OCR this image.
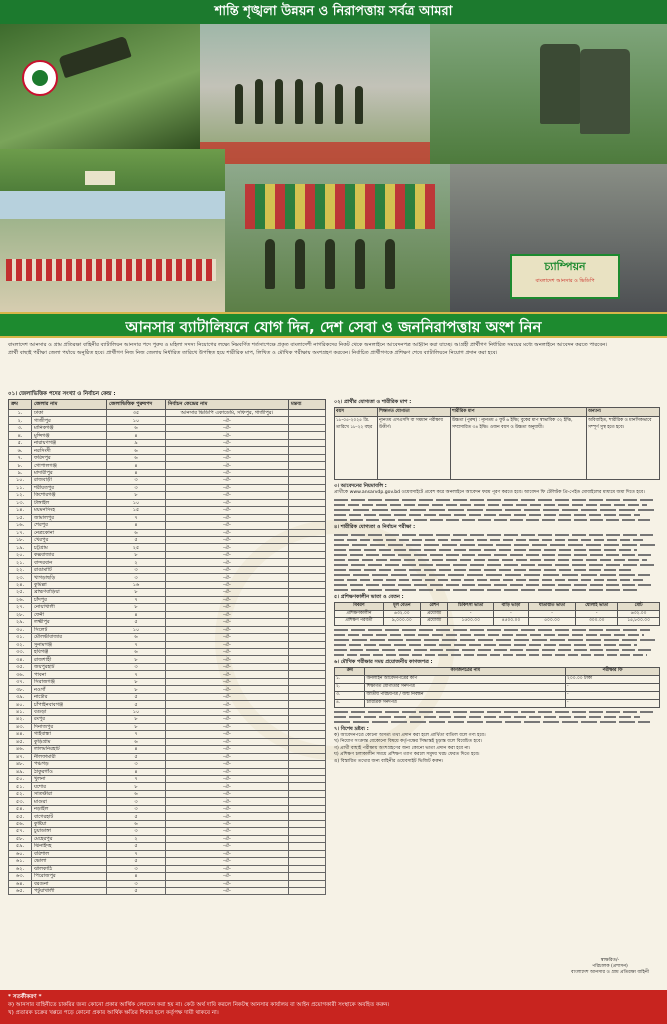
শান্তি শৃঙ্খলা উন্নয়ন ও নিরাপত্তায় সর্বত্র আমরা
চ্যাম্পিয়ন
বাংলাদেশ আনসার ও ভিডিপি
আনসার ব্যাটালিয়নে যোগ দিন, দেশ সেবা ও জননিরাপত্তায় অংশ নিন

বাংলাদেশ আনসার ও গ্রাম প্রতিরক্ষা বাহিনীর ব্যাটালিয়ন আনসার পদে পুরুষ ও মহিলা সদস্য নিয়োগের লক্ষ্যে নিম্নবর্ণিত শর্তসাপেক্ষে প্রকৃত বাংলাদেশী নাগরিকদের নিকট থেকে অনলাইনে আবেদনপত্র আহ্বান করা যাচ্ছে। আগ্রহী প্রার্থীগণ নির্ধারিত সময়ের মধ্যে অনলাইনে আবেদন করতে পারবেন।

প্রার্থী বাছাই পরীক্ষা জেলা পর্যায়ে অনুষ্ঠিত হবে। প্রার্থীগণ নিজ নিজ জেলায় নির্ধারিত তারিখে উপস্থিত হয়ে শারীরিক মাপ, লিখিত ও মৌখিক পরীক্ষায় অংশগ্রহণ করবেন। নির্বাচিত প্রার্থীগণকে প্রশিক্ষণ শেষে ব্যাটালিয়নে নিয়োগ প্রদান করা হবে।

০১। জেলাভিত্তিক পদের সংখ্যা ও নির্বাচন কেন্দ্র :
ক্রম	জেলার নাম	জেলাভিত্তিক পুরুষপদ	নির্বাচন কেন্দ্রের নাম	মন্তব্য
১.	ঢাকা	৩৫	আনসার ভিডিপি একাডেমি, সফিপুর, গাজীপুর।	
২.	গাজীপুর	১০	-ঐ-	
৩.	মানিকগঞ্জ	৬	-ঐ-	
৪.	মুন্সিগঞ্জ	৪	-ঐ-	
৫.	নারায়ণগঞ্জ	৯	-ঐ-	
৬.	নরসিংদী	৬	-ঐ-	
৭.	ফরিদপুর	৬	-ঐ-	
৮.	গোপালগঞ্জ	৪	-ঐ-	
৯.	মাদারীপুর	৪	-ঐ-	
১০.	রাজবাড়ী	৩	-ঐ-	
১১.	শরীয়তপুর	৩	-ঐ-	
১২.	কিশোরগঞ্জ	৮	-ঐ-	
১৩.	টাঙ্গাইল	১০	-ঐ-	
১৪.	ময়মনসিংহ	১৫	-ঐ-	
১৫.	জামালপুর	৭	-ঐ-	
১৬.	শেরপুর	৪	-ঐ-	
১৭.	নেত্রকোনা	৬	-ঐ-	
১৮.	খেরপুর	৫	-ঐ-	
১৯.	চট্টগ্রাম	২৫	-ঐ-	
২০.	কক্সবাজার	৮	-ঐ-	
২১.	বান্দরবান	২	-ঐ-	
২২.	রাঙামাটি	৩	-ঐ-	
২৩.	খাগড়াছড়ি	৩	-ঐ-	
২৪.	কুমিল্লা	১৬	-ঐ-	
২৫.	ব্রাহ্মণবাড়িয়া	৮	-ঐ-	
২৬.	চাঁদপুর	৭	-ঐ-	
২৭.	নোয়াখালী	৮	-ঐ-	
২৮.	ফেনী	৪	-ঐ-	
২৯.	লক্ষ্মীপুর	৫	-ঐ-	
৩০.	সিলেট	১০	-ঐ-	
৩১.	মৌলভীবাজার	৬	-ঐ-	
৩২.	সুনামগঞ্জ	৭	-ঐ-	
৩৩.	হবিগঞ্জ	৬	-ঐ-	
৩৪.	রাজশাহী	৮	-ঐ-	
৩৫.	জয়পুরহাট	৩	-ঐ-	
৩৬.	পাবনা	৭	-ঐ-	
৩৭.	সিরাজগঞ্জ	৮	-ঐ-	
৩৮.	নওগাঁ	৮	-ঐ-	
৩৯.	নাটোর	৫	-ঐ-	
৪০.	চাঁপাইনবাবগঞ্জ	৫	-ঐ-	
৪১.	বগুড়া	১০	-ঐ-	
৪২.	রংপুর	৮	-ঐ-	
৪৩.	দিনাজপুর	৮	-ঐ-	
৪৪.	গাইবান্ধা	৭	-ঐ-	
৪৫.	কুড়িগ্রাম	৬	-ঐ-	
৪৬.	লালমনিরহাট	৪	-ঐ-	
৪৭.	নীলফামারী	৫	-ঐ-	
৪৮.	পঞ্চগড়	৩	-ঐ-	
৪৯.	ঠাকুরগাঁও	৪	-ঐ-	
৫০.	খুলনা	৭	-ঐ-	
৫১.	যশোর	৮	-ঐ-	
৫২.	সাতক্ষীরা	৬	-ঐ-	
৫৩.	মাগুরা	৩	-ঐ-	
৫৪.	নড়াইল	৩	-ঐ-	
৫৫.	বাগেরহাট	৫	-ঐ-	
৫৬.	কুষ্টিয়া	৬	-ঐ-	
৫৭.	চুয়াডাঙ্গা	৩	-ঐ-	
৫৮.	মেহেরপুর	২	-ঐ-	
৫৯.	ঝিনাইদহ	৫	-ঐ-	
৬০.	বরিশাল	৭	-ঐ-	
৬১.	ভোলা	৫	-ঐ-	
৬২.	ঝালকাঠি	৩	-ঐ-	
৬৩.	পিরোজপুর	৪	-ঐ-	
৬৪.	বরগুনা	৩	-ঐ-	
৬৫.	পটুয়াখালী	৫	-ঐ-	
০২। প্রার্থীর যোগ্যতা ও শারীরিক মাপ :
বয়স	শিক্ষাগত যোগ্যতা	শারীরিক মাপ	অন্যান্য
১৮-০৫-২০২৫ খ্রি. তারিখে ১৮-২২ বছর	ন্যূনতম এসএসসি বা সমমান পরীক্ষায় উত্তীর্ণ।	উচ্চতা (পুরুষ) : ন্যূনতম ৫ ফুট ৬ ইঞ্চি; বুকের মাপ স্বাভাবিক ৩২ ইঞ্চি, সম্প্রসারিত ৩৪ ইঞ্চি। ওজন বয়স ও উচ্চতা অনুযায়ী।	অবিবাহিত, শারীরিক ও মানসিকভাবে সম্পূর্ণ সুস্থ হতে হবে।
৩। আবেদনের নিয়মাবলি :
প্রার্থীকে www.ansarvdp.gov.bd ওয়েবসাইটে প্রবেশ করে অনলাইনে আবেদন ফরম পূরণ করতে হবে। আবেদন ফি টেলিটক প্রি-পেইড মোবাইলের মাধ্যমে জমা দিতে হবে।
৪। শারীরিক যোগ্যতা ও নির্বাচন পরীক্ষা :
৫। প্রশিক্ষণকালীন ভাতা ও বেতন :
বিবরণ	মূল বেতন	রেশন	চিকিৎসা ভাতা	বাড়ি ভাড়া	যাতায়াত ভাতা	ধোলাই ভাতা	মোট
প্রশিক্ষণকালীন	৬৩২.০০	প্রযোজ্য	-	-	-	-	৬৩২.০০
প্রশিক্ষণ পরবর্তী	৯,০০০.০০	প্রযোজ্য	১৫০০.০০	৪৫০০.০০	৫০০.০০	৩০০.০০	১৫,৮০০.০০
৬। মৌখিক পরীক্ষার সময় প্রয়োজনীয় কাগজপত্র :
ক্রম	কাগজপত্রের নাম	পরীক্ষার ফি
১.	অনলাইন আবেদনপত্রের কপি	২০০.০০ টাকা
২.	শিক্ষাগত যোগ্যতার সনদপত্র	-
৩.	জাতীয় পরিচয়পত্র / জন্ম নিবন্ধন	-
৪.	চারিত্রিক সনদপত্র	-
৭। বিশেষ দ্রষ্টব্য :
ক) আবেদনপত্রে কোনো অসত্য তথ্য প্রদান করা হলে প্রার্থিতা বাতিল বলে গণ্য হবে।
খ) নিয়োগ সংক্রান্ত যেকোনো বিষয়ে কর্তৃপক্ষের সিদ্ধান্তই চূড়ান্ত বলে বিবেচিত হবে।
গ) প্রার্থী বাছাই পরীক্ষায় অংশগ্রহণের জন্য কোনো ভাতা প্রদান করা হবে না।
ঘ) প্রশিক্ষণ চলাকালীন সময়ে প্রশিক্ষণ ত্যাগ করলে সমুদয় খরচ ফেরত দিতে হবে।
ঙ) বিস্তারিত তথ্যের জন্য বাহিনীর ওয়েবসাইট ভিজিট করুন।
স্বাক্ষরিত/-
পরিচালক (প্রশাসন)
বাংলাদেশ আনসার ও গ্রাম প্রতিরক্ষা বাহিনী
* সতর্কীকরণ *
ক) আনসার বাহিনীতে চাকরির জন্য কোনো প্রকার আর্থিক লেনদেন করা হয় না। কেউ অর্থ দাবি করলে নিকটস্থ আনসার কার্যালয় বা আইন প্রয়োগকারী সংস্থাকে অবহিত করুন।
খ) প্রতারক চক্রের খপ্পরে পড়ে কোনো প্রকার আর্থিক ক্ষতির শিকার হলে কর্তৃপক্ষ দায়ী থাকবে না।
